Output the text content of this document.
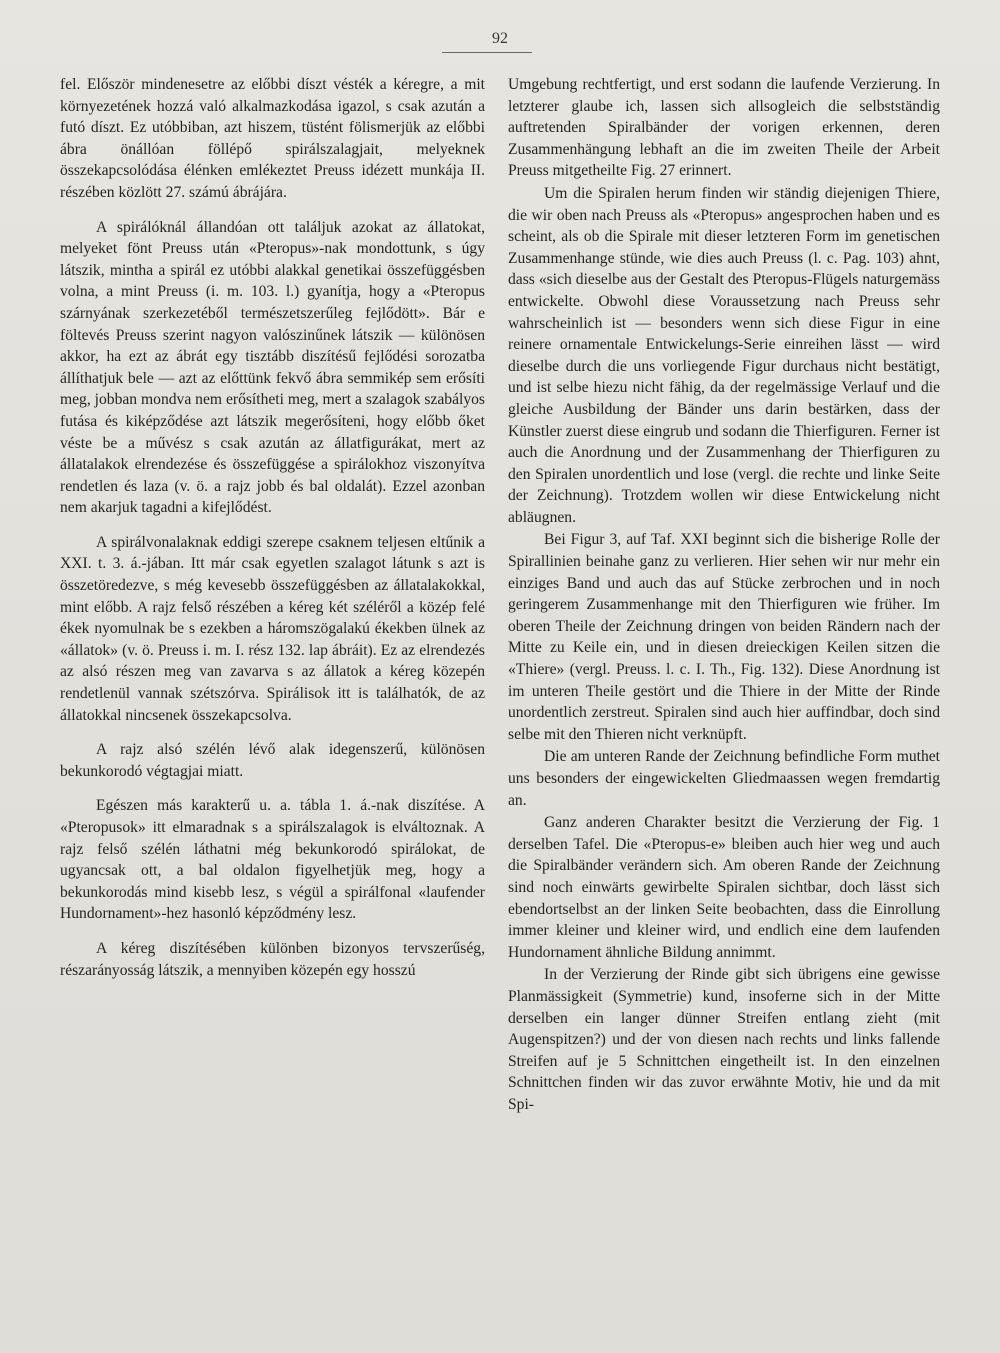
92

fel. Először mindenesetre az előbbi díszt vésték a kéregre, a mit környezetének hozzá való alkalmazkodása igazol, s csak azután a futó díszt. Ez utóbbiban, azt hiszem, tüstént fölismerjük az előbbi ábra önállóan föllépő spirálszalagjait, melyeknek összekapcsolódása élénken emlékeztet Preuss idézett munkája II. részében közlött 27. számú ábrájára.

A spirálóknál állandóan ott találjuk azokat az állatokat, melyeket fönt Preuss után «Pteropus»-nak mondottunk, s úgy látszik, mintha a spirál ez utóbbi alakkal genetikai összefüggésben volna, a mint Preuss (i. m. 103. l.) gyanítja, hogy a «Pteropus szárnyának szerkezetéből természetszerűleg fejlődött». Bár e föltevés Preuss szerint nagyon valószinűnek látszik — különösen akkor, ha ezt az ábrát egy tisztább diszítésű fejlődési sorozatba állíthatjuk bele — azt az előttünk fekvő ábra semmikép sem erősíti meg, jobban mondva nem erősítheti meg, mert a szalagok szabályos futása és kiképződése azt látszik megerősíteni, hogy előbb őket véste be a művész s csak azután az állatfigurákat, mert az állatalakok elrendezése és összefüggése a spirálokhoz viszonyítva rendetlen és laza (v. ö. a rajz jobb és bal oldalát). Ezzel azonban nem akarjuk tagadni a kifejlődést.

A spirálvonalaknak eddigi szerepe csaknem teljesen eltűnik a XXI. t. 3. á.-jában. Itt már csak egyetlen szalagot látunk s azt is összetöredezve, s még kevesebb összefüggésben az állatalakokkal, mint előbb. A rajz felső részében a kéreg két széléről a közép felé ékek nyomulnak be s ezekben a háromszögalakú ékekben ülnek az «állatok» (v. ö. Preuss i. m. I. rész 132. lap ábráit). Ez az elrendezés az alsó részen meg van zavarva s az állatok a kéreg közepén rendetlenül vannak szétszórva. Spirálisok itt is találhatók, de az állatokkal nincsenek összekapcsolva.

A rajz alsó szélén lévő alak idegenszerű, különösen bekunkorodó végtagjai miatt.

Egészen más karakterű u. a. tábla 1. á.-nak diszítése. A «Pteropusok» itt elmaradnak s a spirálszalagok is elváltoznak. A rajz felső szélén láthatni még bekunkorodó spirálokat, de ugyancsak ott, a bal oldalon figyelhetjük meg, hogy a bekunkorodás mind kisebb lesz, s végül a spirálfonal «laufender Hundornament»-hez hasonló képződmény lesz.

A kéreg diszítésében különben bizonyos tervszerűség, részarányosság látszik, a mennyiben közepén egy hosszú

Umgebung rechtfertigt, und erst sodann die laufende Verzierung. In letzterer glaube ich, lassen sich allsogleich die selbstständig auftretenden Spiralbänder der vorigen erkennen, deren Zusammenhängung lebhaft an die im zweiten Theile der Arbeit Preuss mitgetheilte Fig. 27 erinnert.

Um die Spiralen herum finden wir ständig diejenigen Thiere, die wir oben nach Preuss als «Pteropus» angesprochen haben und es scheint, als ob die Spirale mit dieser letzteren Form im genetischen Zusammenhange stünde, wie dies auch Preuss (l. c. Pag. 103) ahnt, dass «sich dieselbe aus der Gestalt des Pteropus-Flügels naturgemäss entwickelte. Obwohl diese Voraussetzung nach Preuss sehr wahrscheinlich ist — besonders wenn sich diese Figur in eine reinere ornamentale Entwickelungs-Serie einreihen lässt — wird dieselbe durch die uns vorliegende Figur durchaus nicht bestätigt, und ist selbe hiezu nicht fähig, da der regelmässige Verlauf und die gleiche Ausbildung der Bänder uns darin bestärken, dass der Künstler zuerst diese eingrub und sodann die Thierfiguren. Ferner ist auch die Anordnung und der Zusammenhang der Thierfiguren zu den Spiralen unordentlich und lose (vergl. die rechte und linke Seite der Zeichnung). Trotzdem wollen wir diese Entwickelung nicht abläugnen.

Bei Figur 3, auf Taf. XXI beginnt sich die bisherige Rolle der Spirallinien beinahe ganz zu verlieren. Hier sehen wir nur mehr ein einziges Band und auch das auf Stücke zerbrochen und in noch geringerem Zusammenhange mit den Thierfiguren wie früher. Im oberen Theile der Zeichnung dringen von beiden Rändern nach der Mitte zu Keile ein, und in diesen dreieckigen Keilen sitzen die «Thiere» (vergl. Preuss. l. c. I. Th., Fig. 132). Diese Anordnung ist im unteren Theile gestört und die Thiere in der Mitte der Rinde unordentlich zerstreut. Spiralen sind auch hier auffindbar, doch sind selbe mit den Thieren nicht verknüpft.

Die am unteren Rande der Zeichnung befindliche Form muthet uns besonders der eingewickelten Gliedmaassen wegen fremdartig an.

Ganz anderen Charakter besitzt die Verzierung der Fig. 1 derselben Tafel. Die «Pteropus-e» bleiben auch hier weg und auch die Spiralbänder verändern sich. Am oberen Rande der Zeichnung sind noch einwärts gewirbelte Spiralen sichtbar, doch lässt sich ebendortselbst an der linken Seite beobachten, dass die Einrollung immer kleiner und kleiner wird, und endlich eine dem laufenden Hundornament ähnliche Bildung annimmt.

In der Verzierung der Rinde gibt sich übrigens eine gewisse Planmässigkeit (Symmetrie) kund, insoferne sich in der Mitte derselben ein langer dünner Streifen entlang zieht (mit Augenspitzen?) und der von diesen nach rechts und links fallende Streifen auf je 5 Schnittchen eingetheilt ist. In den einzelnen Schnittchen finden wir das zuvor erwähnte Motiv, hie und da mit Spi-
